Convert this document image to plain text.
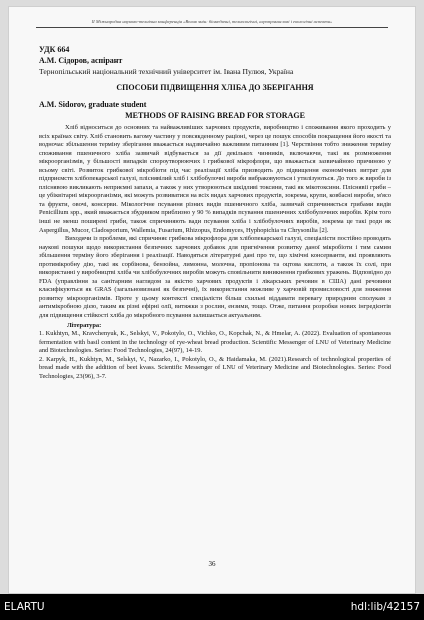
II Міжнародна науково-технічна конференція «Вплив змін: біомедичні, технологічні, агропромислові і екологічні аспекти»
УДК 664
А.М. Сідоров, аспірант
Тернопільський національний технічний університет ім. Івана Пулюя, Україна
СПОСОБИ ПІДВИЩЕННЯ ХЛІБА ДО ЗБЕРІГАННЯ
A.M. Sidorov, graduate student
METHODS OF RAISING BREAD FOR STORAGE

Хліб відноситься до основних та найважливіших харчових продуктів, виробництво і споживання якого проходить у всіх країнах світу. Хліб становить вагому частину у повсякденному раціоні, через це пошук способів покращення його якості та водночас збільшення терміну зберігання вважається надзвичайно важливим питанням [1]. Черствіння тобто зниження терміну споживання пшеничного хліба зазвичай відбувається за дії декількох чинників, включаючи, такі як розмноження мікроорганізмів, у більшості випадків спороутворюючих і грибкової мікрофлори, що вважається зазвичайною причиною у всьому світі. Розвиток грибкової мікробіоти під час реалізації хліба призводить до підвищення економічних витрат для підприємств хлібопекарської галузі, пліснявілий хліб і хлібобулочні вироби вибраковуються і утилізуються. До того ж вироби із пліснявою викликають неприємні запахи, а також у них утворюються шкідливі токсини, такі як мікотоксини. Пліснявіі гриби – це убіквітарні мікроорганізми, які можуть розвиватися на всіх видах харчових продуктів, зокрема, крупи, ковбасні вироби, м'ясо та фрукти, овочі, консерви. Мікологічне псування різних видів пшеничного хліба, зазвичай спричиняється грибами видів Penicillium spp., який вважається збудником приблизно у 90 % випадків псування пшеничних хлібобулочних виробів. Крім того інші не менш поширені гриби, також спричиняють вади псування хліба і хлібобулочних виробів, зокрема це такі роди як Aspergillus, Mucor, Cladosporium, Wallemia, Fusarium, Rhizopus, Endomyces, Hyphopichia та Chrysonilia [2].

Виходячи із проблеми, які спричиняє грибкова мікрофлора для хлібопекарської галузі, спеціалісти постійно проводять наукові пошуки щодо використання безпечних харчових добавок для пригнічення розвитку даної мікробіоти і тим самим збільшення терміну його зберігання і реалізації. Наводяться літературні дані про те, що хімічні консерванти, які проявляють протимікробну дію, такі як сорбінова, бензойна, лимонна, молочна, пропіонова та оцтова кислоти, а також їх солі, при використанні у виробництві хліба чи хлібобулочних виробів можуть сповільнити виникнення грибкових уражень. Відповідно до FDA (управління за санітарним наглядом за якістю харчових продуктів і лікарських речовин в США) дані речовини класифікуються як GRAS (загальновизнані як безпечні), їх використання можливе у харчовій промисловості для зниження розвитку мікроорганізмів. Проте у цьому контексті спеціалісти більш схильні віддавати перевагу природним сполукам з антимікробною дією, таким як різні ефірні олії, витяжки з рослин, ензими, тощо. Отже, питання розробки нових інгредієнтів для підвищення стійкості хліба до мікробного псування залишається актуальним.

Література:

1. Kukhtyn, M., Kravchenyuk, K., Selskyi, V., Pokotylo, O., Vichko, O., Kopchak, N., & Hmelar, A. (2022). Evaluation of spontaneous fermentation with basil content in the technology of rye-wheat bread production. Scientific Messenger of LNU of Veterinary Medicine and Biotechnologies. Series: Food Technologies, 24(97), 14-19.

2. Karpyk, H., Kukhtyn, M., Selskyi, V., Nazarko, I., Pokotylo, O., & Haidamaka, M. (2021).Research of technological properties of bread made with the addition of beet kvass. Scientific Messenger of LNU of Veterinary Medicine and Biotechnologies. Series: Food Technologies, 23(96), 3-7.

36
ELARTU	hdl:lib/42157
